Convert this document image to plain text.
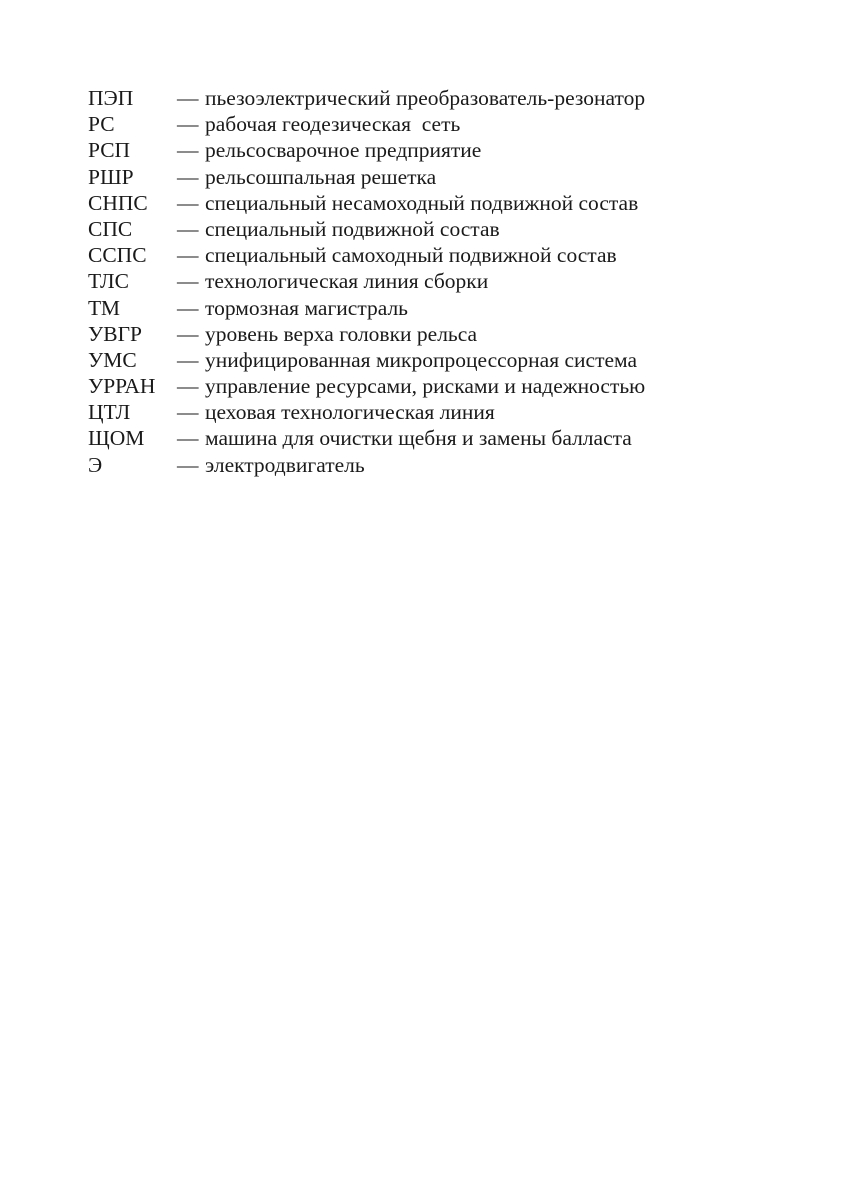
ПЭП	— пьезоэлектрический преобразователь-резонатор
РС	— рабочая геодезическая  сеть
РСП	— рельсосварочное предприятие
РШР	— рельсошпальная решетка
СНПС	— специальный несамоходный подвижной состав
СПС	— специальный подвижной состав
ССПС	— специальный самоходный подвижной состав
ТЛС	— технологическая линия сборки
ТМ	— тормозная магистраль
УВГР	— уровень верха головки рельса
УМС	— унифицированная микропроцессорная система
УРРАН	— управление ресурсами, рисками и надежностью
ЦТЛ	— цеховая технологическая линия
ЩОМ	— машина для очистки щебня и замены балласта
Э	— электродвигатель
